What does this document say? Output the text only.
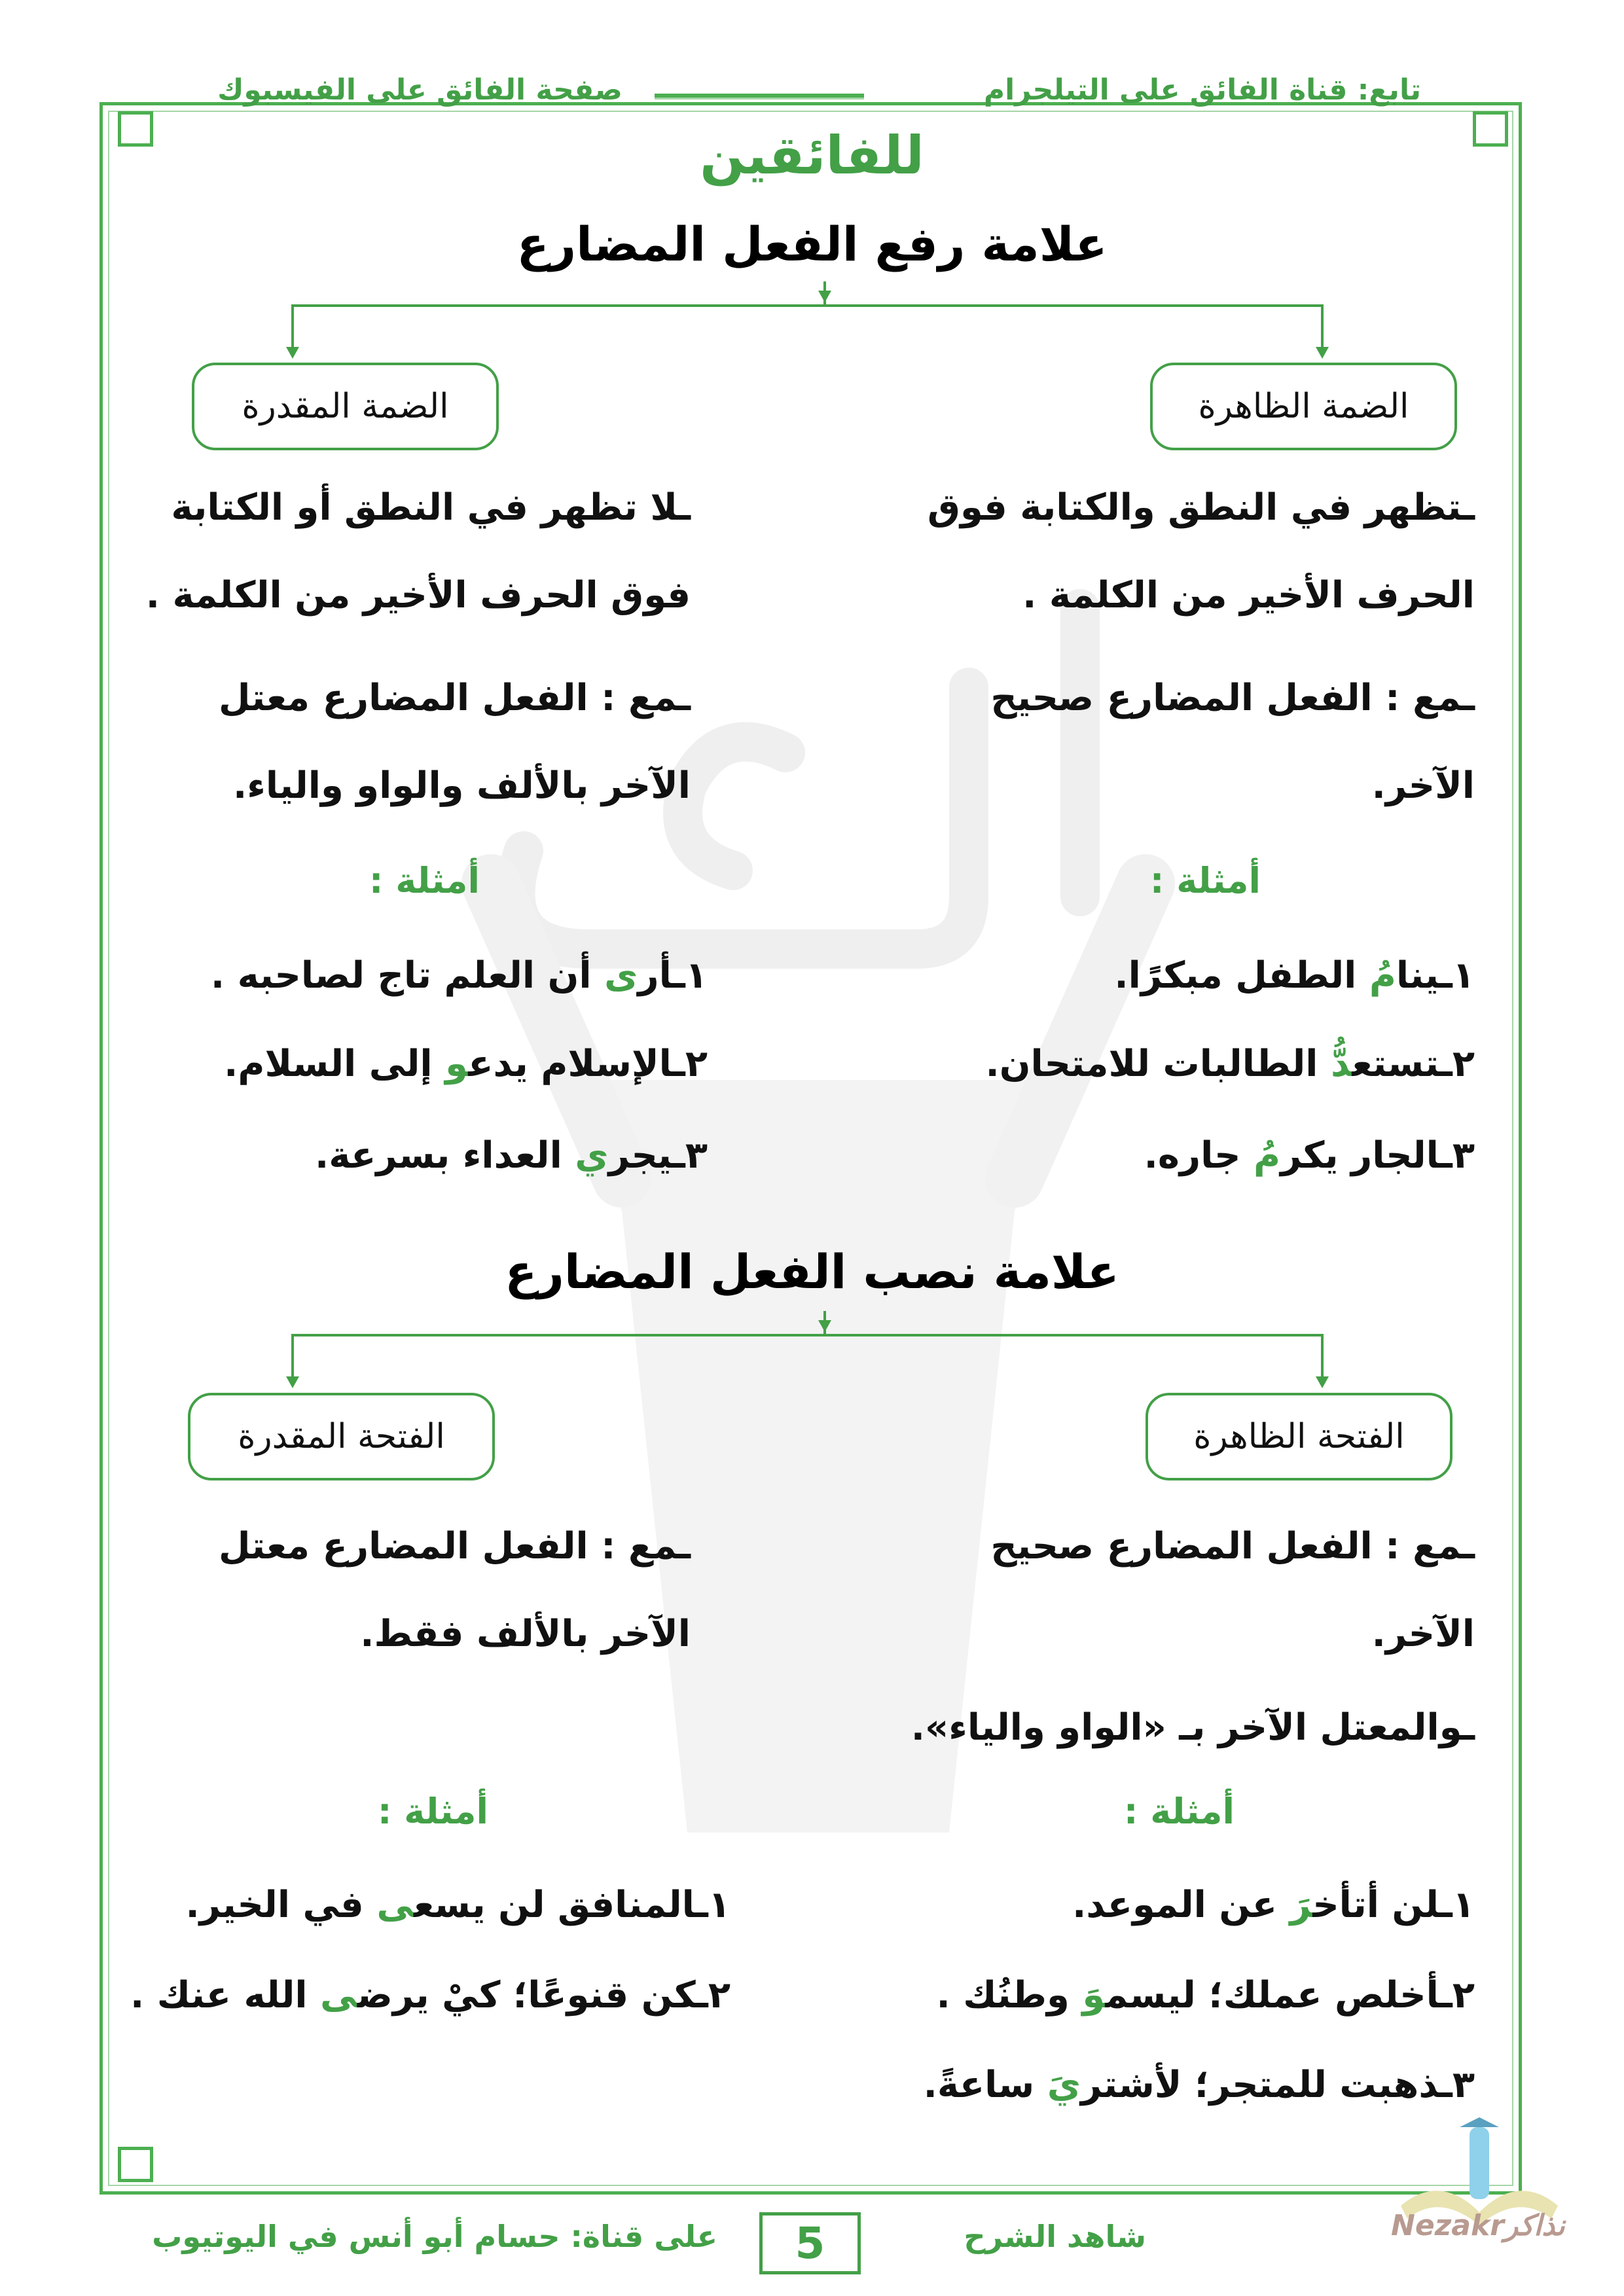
تابع: قناة الفائق على التيلجرام
صفحة الفائق على الفيسبوك
للفائقين
علامة رفع الفعل المضارع
الضمة الظاهرة
الضمة المقدرة
ـتظهر في النطق والكتابة فوق
الحرف الأخير من الكلمة .
ـمع : الفعل المضارع صحيح
الآخر.
ـلا تظهر في النطق أو الكتابة
فوق الحرف الأخير من الكلمة .
ـمع : الفعل المضارع معتل
الآخر بالألف والواو والياء.
أمثلة :
أمثلة :
١ـينامُ الطفل مبكرًا.
٢ـتستعدُّ الطالبات للامتحان.
٣ـالجار يكرمُ جاره.
١ـأرى أن العلم تاج لصاحبه .
٢ـالإسلام يدعو إلى السلام.
٣ـيجري العداء بسرعة.
علامة نصب الفعل المضارع
الفتحة الظاهرة
الفتحة المقدرة
ـمع : الفعل المضارع صحيح
الآخر.
ـوالمعتل الآخر بـ «الواو والياء».
ـمع : الفعل المضارع معتل
الآخر بالألف فقط.
أمثلة :
أمثلة :
١ـلن أتأخرَ عن الموعد.
٢ـأخلص عملك؛ ليسموَ وطنُك .
٣ـذهبت للمتجر؛ لأشتريَ ساعةً.
١ـالمنافق لن يسعى في الخير.
٢ـكن قنوعًا؛ كيْ يرضى الله عنك .
شاهد الشرح
5
على قناة: حسام أبو أنس في اليوتيوب	Nezakrنذاكر
